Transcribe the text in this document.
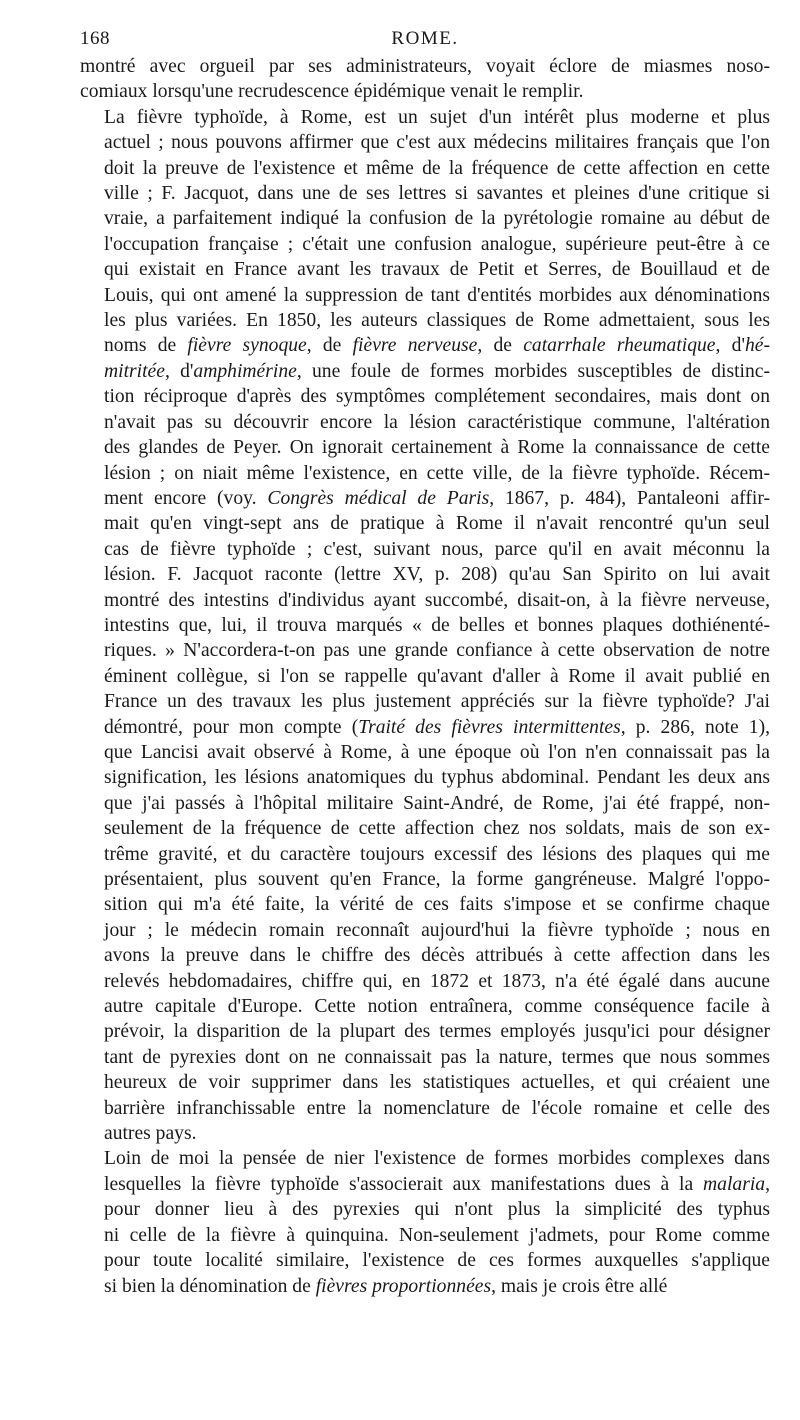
168	ROME.

montré avec orgueil par ses administrateurs, voyait éclore de miasmes noso-
comiaux lorsqu'une recrudescence épidémique venait le remplir.

La fièvre typhoïde, à Rome, est un sujet d'un intérêt plus moderne et plus
actuel ; nous pouvons affirmer que c'est aux médecins militaires français que l'on
doit la preuve de l'existence et même de la fréquence de cette affection en cette
ville ; F. Jacquot, dans une de ses lettres si savantes et pleines d'une critique si
vraie, a parfaitement indiqué la confusion de la pyrétologie romaine au début de
l'occupation française ; c'était une confusion analogue, supérieure peut-être à ce
qui existait en France avant les travaux de Petit et Serres, de Bouillaud et de
Louis, qui ont amené la suppression de tant d'entités morbides aux dénominations
les plus variées. En 1850, les auteurs classiques de Rome admettaient, sous les
noms de fièvre synoque, de fièvre nerveuse, de catarrhale rheumatique, d'hé-
mitritée, d'amphimérine, une foule de formes morbides susceptibles de distinc-
tion réciproque d'après des symptômes complétement secondaires, mais dont on
n'avait pas su découvrir encore la lésion caractéristique commune, l'altération
des glandes de Peyer. On ignorait certainement à Rome la connaissance de cette
lésion ; on niait même l'existence, en cette ville, de la fièvre typhoïde. Récem-
ment encore (voy. Congrès médical de Paris, 1867, p. 484), Pantaleoni affir-
mait qu'en vingt-sept ans de pratique à Rome il n'avait rencontré qu'un seul
cas de fièvre typhoïde ; c'est, suivant nous, parce qu'il en avait méconnu la
lésion. F. Jacquot raconte (lettre XV, p. 208) qu'au San Spirito on lui avait
montré des intestins d'individus ayant succombé, disait-on, à la fièvre nerveuse,
intestins que, lui, il trouva marqués « de belles et bonnes plaques dothiénenté-
riques. » N'accordera-t-on pas une grande confiance à cette observation de notre
éminent collègue, si l'on se rappelle qu'avant d'aller à Rome il avait publié en
France un des travaux les plus justement appréciés sur la fièvre typhoïde? J'ai
démontré, pour mon compte (Traité des fièvres intermittentes, p. 286, note 1),
que Lancisi avait observé à Rome, à une époque où l'on n'en connaissait pas la
signification, les lésions anatomiques du typhus abdominal. Pendant les deux ans
que j'ai passés à l'hôpital militaire Saint-André, de Rome, j'ai été frappé, non-
seulement de la fréquence de cette affection chez nos soldats, mais de son ex-
trême gravité, et du caractère toujours excessif des lésions des plaques qui me
présentaient, plus souvent qu'en France, la forme gangréneuse. Malgré l'oppo-
sition qui m'a été faite, la vérité de ces faits s'impose et se confirme chaque
jour ; le médecin romain reconnaît aujourd'hui la fièvre typhoïde ; nous en
avons la preuve dans le chiffre des décès attribués à cette affection dans les
relevés hebdomadaires, chiffre qui, en 1872 et 1873, n'a été égalé dans aucune
autre capitale d'Europe. Cette notion entraînera, comme conséquence facile à
prévoir, la disparition de la plupart des termes employés jusqu'ici pour désigner
tant de pyrexies dont on ne connaissait pas la nature, termes que nous sommes
heureux de voir supprimer dans les statistiques actuelles, et qui créaient une
barrière infranchissable entre la nomenclature de l'école romaine et celle des
autres pays.

Loin de moi la pensée de nier l'existence de formes morbides complexes dans
lesquelles la fièvre typhoïde s'associerait aux manifestations dues à la malaria,
pour donner lieu à des pyrexies qui n'ont plus la simplicité des typhus
ni celle de la fièvre à quinquina. Non-seulement j'admets, pour Rome comme
pour toute localité similaire, l'existence de ces formes auxquelles s'applique
si bien la dénomination de fièvres proportionnées, mais je crois être allé
